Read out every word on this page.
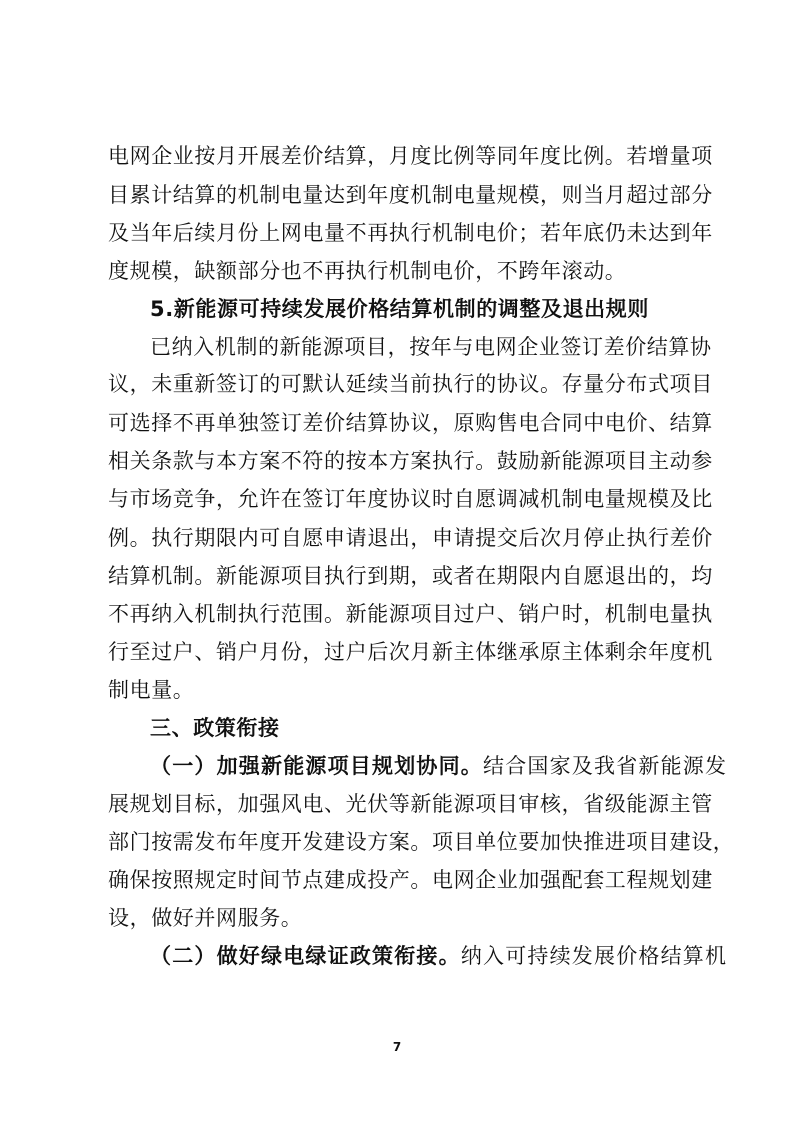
电网企业按月开展差价结算，月度比例等同年度比例。若增量项
目累计结算的机制电量达到年度机制电量规模，则当月超过部分
及当年后续月份上网电量不再执行机制电价；若年底仍未达到年
度规模，缺额部分也不再执行机制电价，不跨年滚动。
5.新能源可持续发展价格结算机制的调整及退出规则
已纳入机制的新能源项目，按年与电网企业签订差价结算协
议，未重新签订的可默认延续当前执行的协议。存量分布式项目
可选择不再单独签订差价结算协议，原购售电合同中电价、结算
相关条款与本方案不符的按本方案执行。鼓励新能源项目主动参
与市场竞争，允许在签订年度协议时自愿调减机制电量规模及比
例。执行期限内可自愿申请退出，申请提交后次月停止执行差价
结算机制。新能源项目执行到期，或者在期限内自愿退出的，均
不再纳入机制执行范围。新能源项目过户、销户时，机制电量执
行至过户、销户月份，过户后次月新主体继承原主体剩余年度机
制电量。
三、政策衔接
（一）加强新能源项目规划协同。结合国家及我省新能源发
展规划目标，加强风电、光伏等新能源项目审核，省级能源主管
部门按需发布年度开发建设方案。项目单位要加快推进项目建设，
确保按照规定时间节点建成投产。电网企业加强配套工程规划建
设，做好并网服务。
（二）做好绿电绿证政策衔接。纳入可持续发展价格结算机
7
